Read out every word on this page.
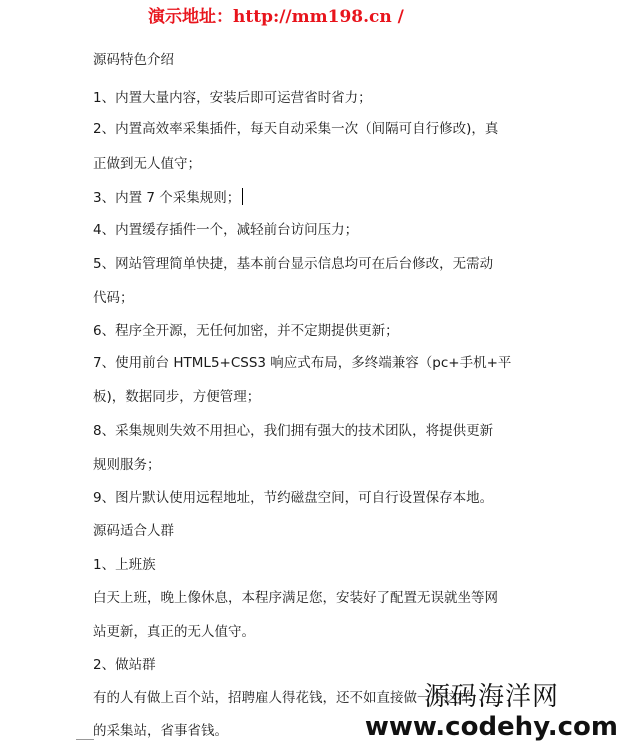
演示地址：http://mm198.cn /
源码特色介绍
1、内置大量内容，安装后即可运营省时省力；
2、内置高效率采集插件，每天自动采集一次（间隔可自行修改)，真
正做到无人值守；
3、内置 7 个采集规则；
4、内置缓存插件一个，减轻前台访问压力；
5、网站管理简单快捷，基本前台显示信息均可在后台修改，无需动
代码；
6、程序全开源，无任何加密，并不定期提供更新；
7、使用前台 HTML5+CSS3 响应式布局，多终端兼容（pc+手机+平
板)，数据同步，方便管理；
8、采集规则失效不用担心，我们拥有强大的技术团队，将提供更新
规则服务；
9、图片默认使用远程地址，节约磁盘空间，可自行设置保存本地。
源码适合人群
1、上班族
白天上班，晚上像休息，本程序满足您，安装好了配置无误就坐等网
站更新，真正的无人值守。
2、做站群
有的人有做上百个站，招聘雇人得花钱，还不如直接做一个这样
的采集站，省事省钱。
源码海洋网
www.codehy.com
